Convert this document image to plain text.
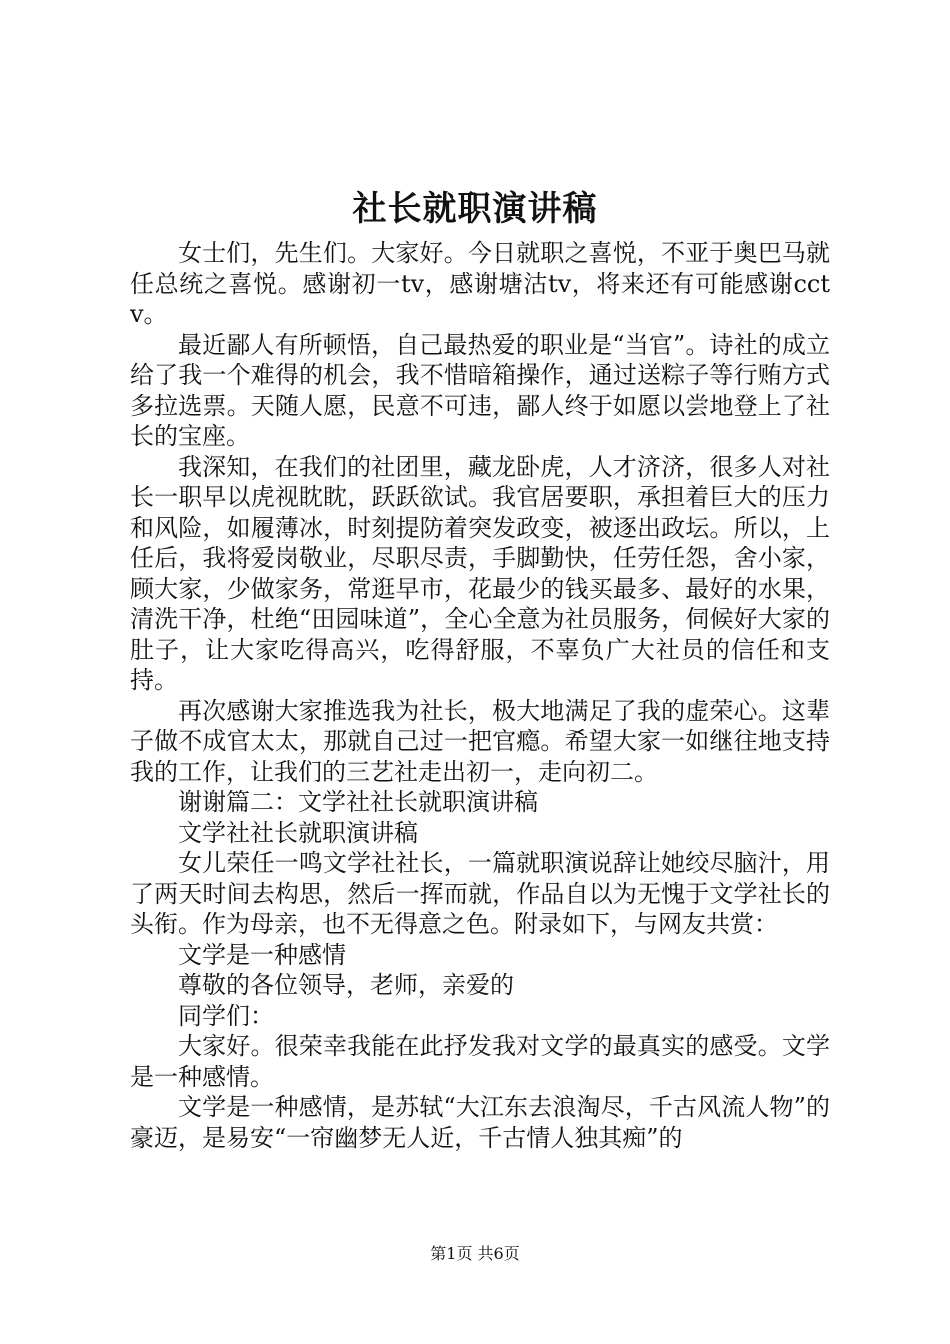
社长就职演讲稿

女士们，先生们。大家好。今日就职之喜悦，不亚于奥巴马就任总统之喜悦。感谢初一tv，感谢塘沽tv，将来还有可能感谢cctv。

最近鄙人有所顿悟，自己最热爱的职业是“当官”。诗社的成立给了我一个难得的机会，我不惜暗箱操作，通过送粽子等行贿方式多拉选票。天随人愿，民意不可违，鄙人终于如愿以尝地登上了社长的宝座。

我深知，在我们的社团里，藏龙卧虎，人才济济，很多人对社长一职早以虎视眈眈，跃跃欲试。我官居要职，承担着巨大的压力和风险，如履薄冰，时刻提防着突发政变，被逐出政坛。所以，上任后，我将爱岗敬业，尽职尽责，手脚勤快，任劳任怨，舍小家，顾大家，少做家务，常逛早市，花最少的钱买最多、最好的水果，清洗干净，杜绝“田园味道”，全心全意为社员服务，伺候好大家的肚子，让大家吃得高兴，吃得舒服，不辜负广大社员的信任和支持。

再次感谢大家推选我为社长，极大地满足了我的虚荣心。这辈子做不成官太太，那就自己过一把官瘾。希望大家一如继往地支持我的工作，让我们的三艺社走出初一，走向初二。

谢谢篇二：文学社社长就职演讲稿

文学社社长就职演讲稿

女儿荣任一鸣文学社社长，一篇就职演说辞让她绞尽脑汁，用了两天时间去构思，然后一挥而就，作品自以为无愧于文学社长的头衔。作为母亲，也不无得意之色。附录如下，与网友共赏：

文学是一种感情

尊敬的各位领导，老师，亲爱的

同学们：

大家好。很荣幸我能在此抒发我对文学的最真实的感受。文学是一种感情。

文学是一种感情，是苏轼“大江东去浪淘尽，千古风流人物”的豪迈，是易安“一帘幽梦无人近，千古情人独其痴”的

第1页 共6页
